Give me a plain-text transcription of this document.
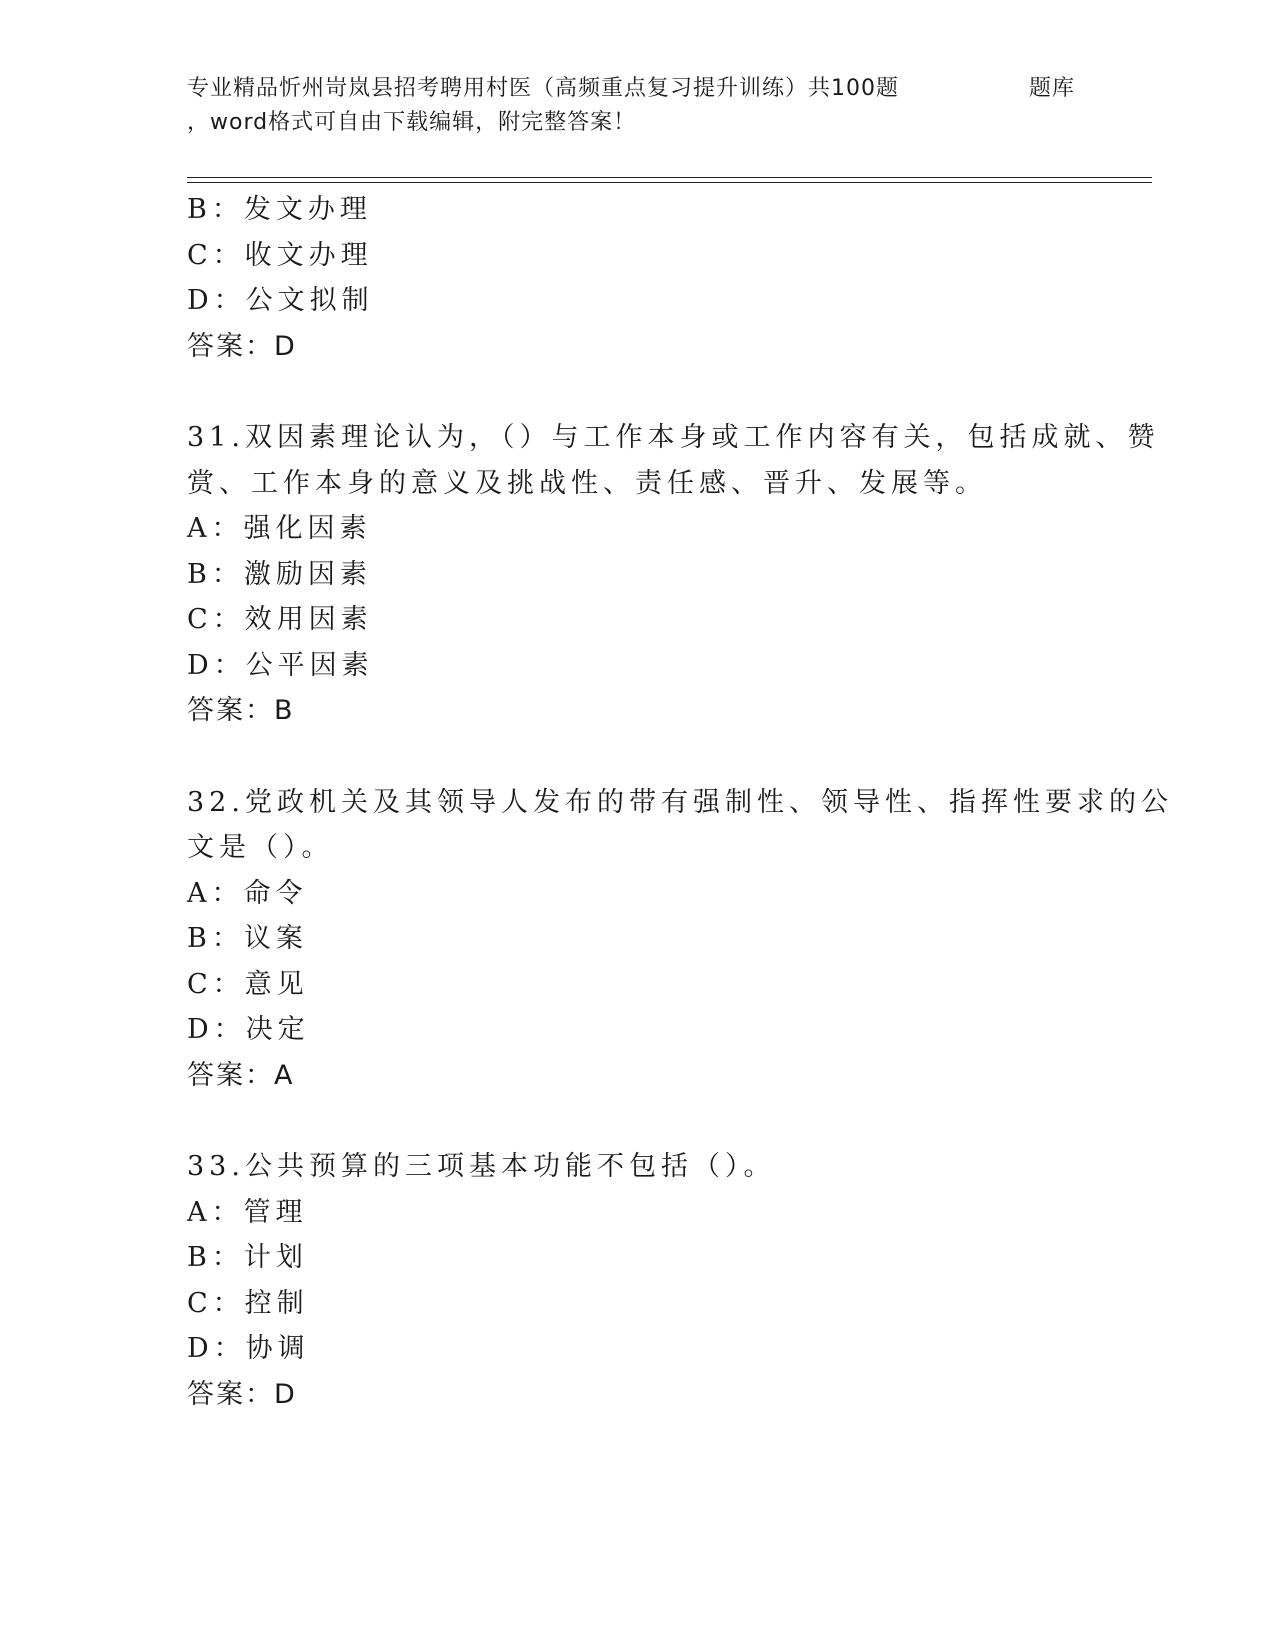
专业精品忻州岢岚县招考聘用村医（高频重点复习提升训练）共100题	题库
，word格式可自由下载编辑，附完整答案！
B：发文办理
C：收文办理
D：公文拟制
答案：D
31.双因素理论认为，（）与工作本身或工作内容有关，包括成就、赞
赏、工作本身的意义及挑战性、责任感、晋升、发展等。
A：强化因素
B：激励因素
C：效用因素
D：公平因素
答案：B
32.党政机关及其领导人发布的带有强制性、领导性、指挥性要求的公
文是（）。
A：命令
B：议案
C：意见
D：决定
答案：A
33.公共预算的三项基本功能不包括（）。
A：管理
B：计划
C：控制
D：协调
答案：D
